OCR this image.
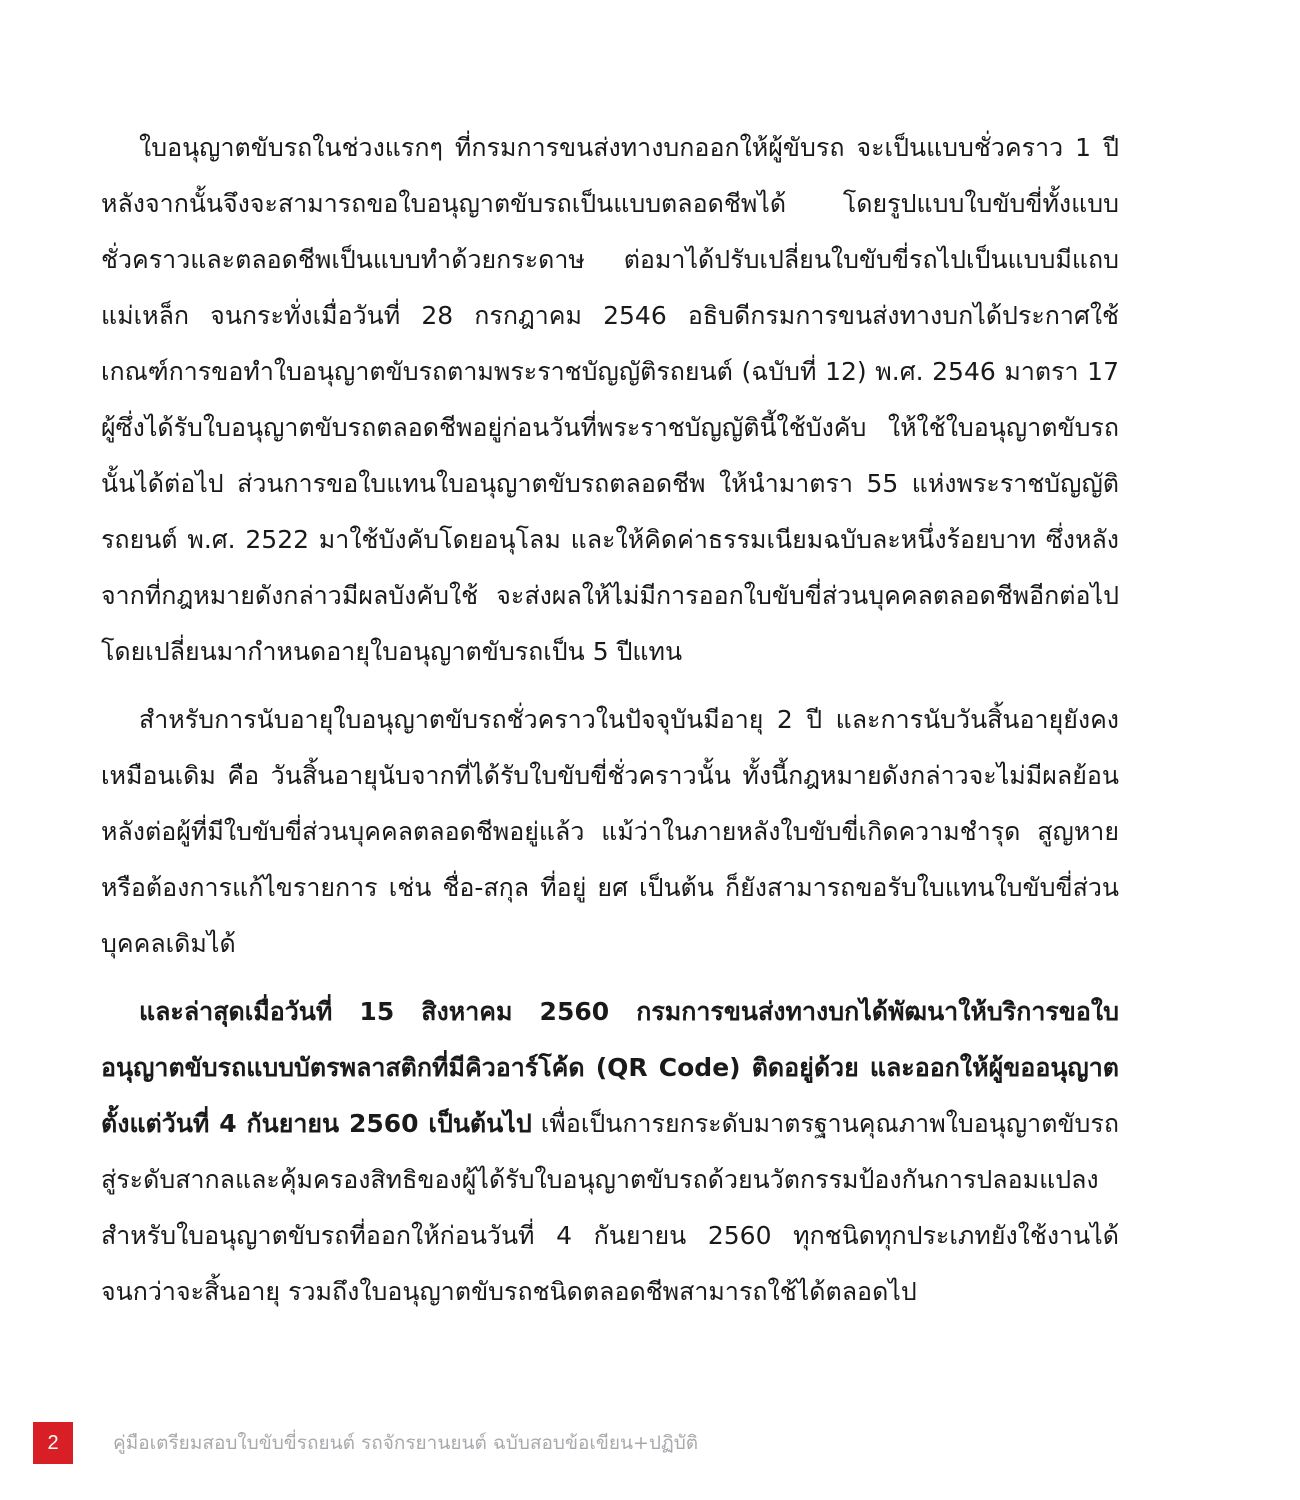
ใบอนุญาตขับรถในช่วงแรกๆ ที่กรมการขนส่งทางบกออกให้ผู้ขับรถ จะเป็นแบบชั่วคราว 1 ปี หลังจากนั้นจึงจะสามารถขอใบอนุญาตขับรถเป็นแบบตลอดชีพได้ โดยรูปแบบใบขับขี่ทั้งแบบชั่วคราวและตลอดชีพเป็นแบบทำด้วยกระดาษ ต่อมาได้ปรับเปลี่ยนใบขับขี่รถไปเป็นแบบมีแถบแม่เหล็ก จนกระทั่งเมื่อวันที่ 28 กรกฎาคม 2546 อธิบดีกรมการขนส่งทางบกได้ประกาศใช้เกณฑ์การขอทำใบอนุญาตขับรถตามพระราชบัญญัติรถยนต์ (ฉบับที่ 12) พ.ศ. 2546 มาตรา 17 ผู้ซึ่งได้รับใบอนุญาตขับรถตลอดชีพอยู่ก่อนวันที่พระราชบัญญัตินี้ใช้บังคับ ให้ใช้ใบอนุญาตขับรถนั้นได้ต่อไป ส่วนการขอใบแทนใบอนุญาตขับรถตลอดชีพ ให้นำมาตรา 55 แห่งพระราชบัญญัติรถยนต์ พ.ศ. 2522 มาใช้บังคับโดยอนุโลม และให้คิดค่าธรรมเนียมฉบับละหนึ่งร้อยบาท ซึ่งหลังจากที่กฎหมายดังกล่าวมีผลบังคับใช้ จะส่งผลให้ไม่มีการออกใบขับขี่ส่วนบุคคลตลอดชีพอีกต่อไป โดยเปลี่ยนมากำหนดอายุใบอนุญาตขับรถเป็น 5 ปีแทน

สำหรับการนับอายุใบอนุญาตขับรถชั่วคราวในปัจจุบันมีอายุ 2 ปี และการนับวันสิ้นอายุยังคงเหมือนเดิม คือ วันสิ้นอายุนับจากที่ได้รับใบขับขี่ชั่วคราวนั้น ทั้งนี้กฎหมายดังกล่าวจะไม่มีผลย้อนหลังต่อผู้ที่มีใบขับขี่ส่วนบุคคลตลอดชีพอยู่แล้ว แม้ว่าในภายหลังใบขับขี่เกิดความชำรุด สูญหาย หรือต้องการแก้ไขรายการ เช่น ชื่อ-สกุล ที่อยู่ ยศ เป็นต้น ก็ยังสามารถขอรับใบแทนใบขับขี่ส่วนบุคคลเดิมได้

และล่าสุดเมื่อวันที่ 15 สิงหาคม 2560 กรมการขนส่งทางบกได้พัฒนาให้บริการขอใบอนุญาตขับรถแบบบัตรพลาสติกที่มีคิวอาร์โค้ด (QR Code) ติดอยู่ด้วย และออกให้ผู้ขออนุญาตตั้งแต่วันที่ 4 กันยายน 2560 เป็นต้นไป เพื่อเป็นการยกระดับมาตรฐานคุณภาพใบอนุญาตขับรถสู่ระดับสากลและคุ้มครองสิทธิของผู้ได้รับใบอนุญาตขับรถด้วยนวัตกรรมป้องกันการปลอมแปลง สำหรับใบอนุญาตขับรถที่ออกให้ก่อนวันที่ 4 กันยายน 2560 ทุกชนิดทุกประเภทยังใช้งานได้จนกว่าจะสิ้นอายุ รวมถึงใบอนุญาตขับรถชนิดตลอดชีพสามารถใช้ได้ตลอดไป

2	คู่มือเตรียมสอบใบขับขี่รถยนต์ รถจักรยานยนต์ ฉบับสอบข้อเขียน+ปฏิบัติ
